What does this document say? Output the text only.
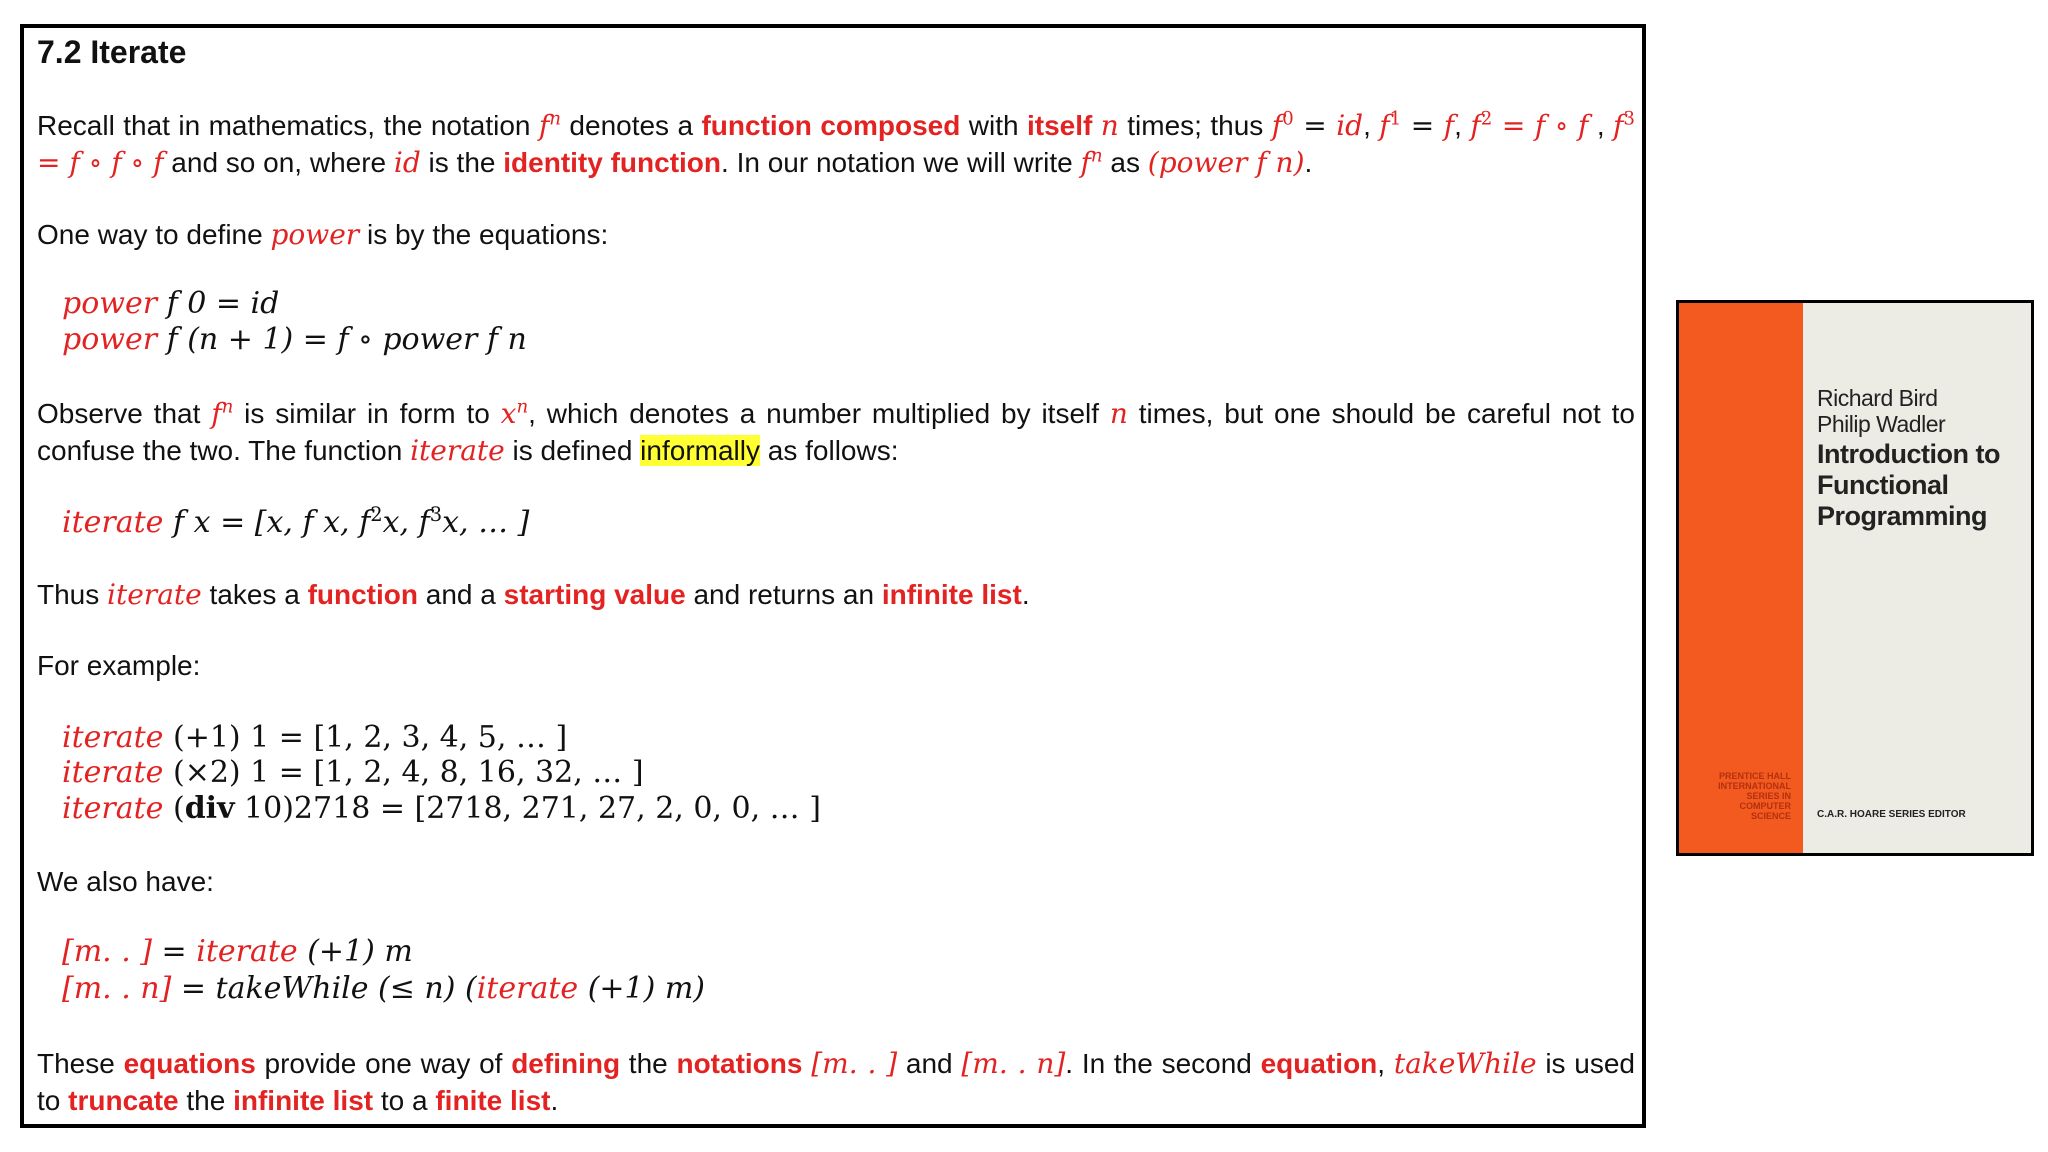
7.2 Iterate
Recall that in mathematics, the notation $f^n$ denotes a function composed with itself n times; thus $f^0$ = id, $f^1 = f$, $f^2 = f$ ∘ f , $f^3 = f$ ∘ f ∘ f and so on, where id is the identity function. In our notation we will write $f^n$ as (power f n).
One way to define power is by the equations:
power f 0 = id
power f (n + 1) = f ∘ power f n
Observe that $f^n$ is similar in form to $x^n$, which denotes a number multiplied by itself n times, but one should be careful not to confuse the two. The function iterate is defined informally as follows:
iterate f x = [x, f x, $f^2x$, $f^3x$, … ]
Thus iterate takes a function and a starting value and returns an infinite list.
For example:
iterate (+1) 1 = [1, 2, 3, 4, 5, … ]
iterate (×2) 1 = [1, 2, 4, 8, 16, 32, … ]
iterate (div 10)2718 = [2718, 271, 27, 2, 0, 0, … ]
We also have:
[m. . ] = iterate (+1) m
[m. . n] = takeWhile (≤ n) (iterate (+1) m)
These equations provide one way of defining the notations [m. . ] and [m. . n]. In the second equation, takeWhile is used to truncate the infinite list to a finite list.
Richard Bird
Philip Wadler
Introduction to
Functional
Programming
PRENTICE HALL
INTERNATIONAL
SERIES IN
COMPUTER
SCIENCE	C.A.R. HOARE SERIES EDITOR
